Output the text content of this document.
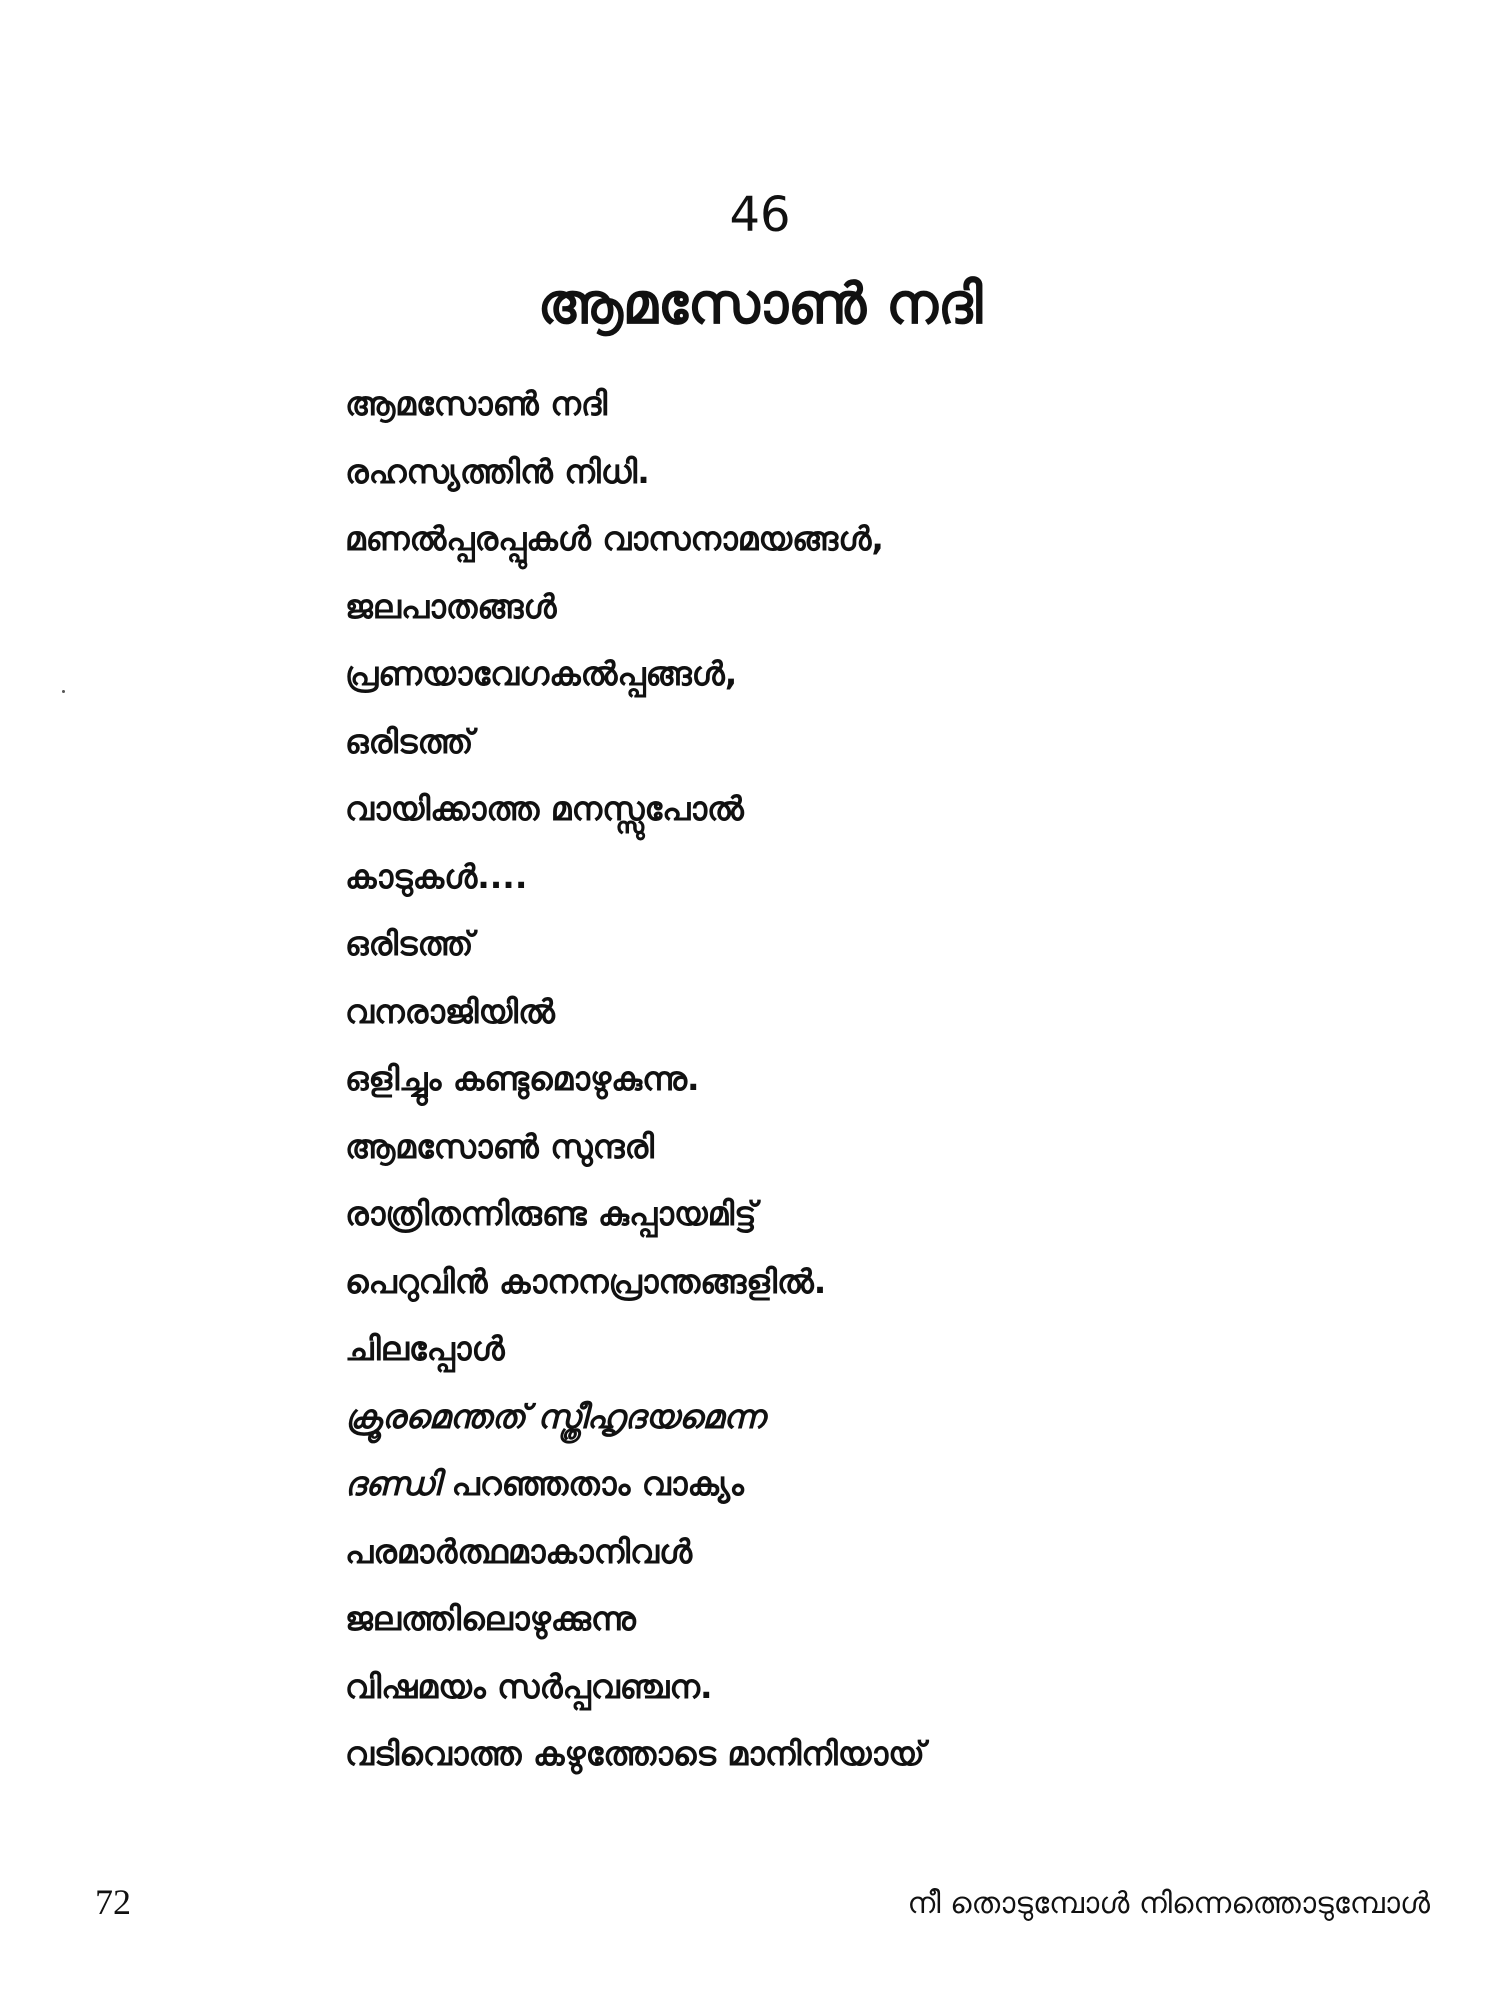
46
ആമസോൺ നദി
ആമസോൺ നദി
രഹസ്യത്തിൻ നിധി.
മണൽപ്പരപ്പുകൾ വാസനാമയങ്ങൾ,
ജലപാതങ്ങൾ
പ്രണയാവേഗകൽപ്പങ്ങൾ,
ഒരിടത്ത്
വായിക്കാത്ത മനസ്സുപോൽ
കാടുകൾ....
ഒരിടത്ത്
വനരാജിയിൽ
ഒളിച്ചും കണ്ടുമൊഴുകുന്നു.
ആമസോൺ സുന്ദരി
രാത്രിതന്നിരുണ്ട കുപ്പായമിട്ട്
പെറുവിൻ കാനനപ്രാന്തങ്ങളിൽ.
ചിലപ്പോൾ
ക്രൂരമെന്തത് സ്ത്രീഹൃദയമെന്ന
ദണ്ഡി പറഞ്ഞതാം വാക്യം
പരമാർത്ഥമാകാനിവൾ
ജലത്തിലൊഴുക്കുന്നു
വിഷമയം സർപ്പവഞ്ചന.
വടിവൊത്ത കഴുത്തോടെ മാനിനിയായ്
72	നീ തൊടുമ്പോൾ നിന്നെത്തൊടുമ്പോൾ
